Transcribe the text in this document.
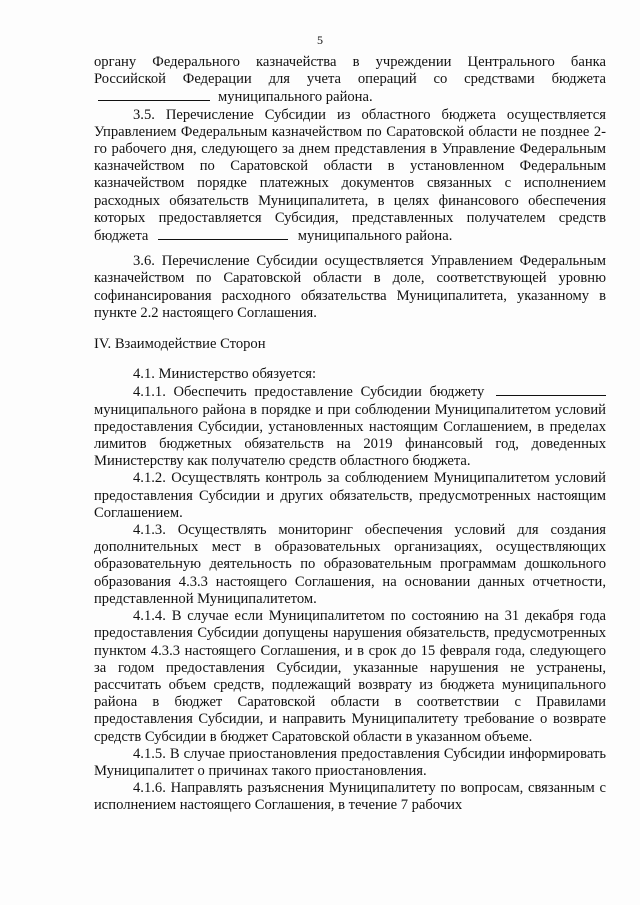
5

органу Федерального казначейства в учреждении Центрального банка Российской Федерации для учета операций со средствами бюджета муниципального района.

3.5. Перечисление Субсидии из областного бюджета осуществляется Управлением Федеральным казначейством по Саратовской области не позднее 2-го рабочего дня, следующего за днем представления в Управление Федеральным казначейством по Саратовской области в установленном Федеральным казначейством порядке платежных документов связанных с исполнением расходных обязательств Муниципалитета, в целях финансового обеспечения которых предоставляется Субсидия, представленных получателем средств бюджета	муниципального района.

3.6. Перечисление Субсидии осуществляется Управлением Федеральным казначейством по Саратовской области в доле, соответствующей уровню софинансирования расходного обязательства Муниципалитета, указанному в пункте 2.2 настоящего Соглашения.

IV. Взаимодействие Сторон

4.1. Министерство обязуется:

4.1.1. Обеспечить предоставление Субсидии бюджету  муниципального района в порядке и при соблюдении Муниципалитетом условий предоставления Субсидии, установленных настоящим Соглашением, в пределах лимитов бюджетных обязательств на 2019 финансовый год, доведенных Министерству как получателю средств областного бюджета.

4.1.2. Осуществлять контроль за соблюдением Муниципалитетом условий предоставления Субсидии и других обязательств, предусмотренных настоящим Соглашением.

4.1.3. Осуществлять мониторинг обеспечения условий для создания дополнительных мест в образовательных организациях, осуществляющих образовательную деятельность по образовательным программам дошкольного образования 4.3.3 настоящего Соглашения, на основании данных отчетности, представленной Муниципалитетом.

4.1.4. В случае если Муниципалитетом по состоянию на 31 декабря года предоставления Субсидии допущены нарушения обязательств, предусмотренных пунктом 4.3.3 настоящего Соглашения, и в срок до 15 февраля года, следующего за годом предоставления Субсидии, указанные нарушения не устранены, рассчитать объем средств, подлежащий возврату из бюджета муниципального района в бюджет Саратовской области в соответствии с Правилами предоставления Субсидии, и направить Муниципалитету требование о возврате средств Субсидии в бюджет Саратовской области в указанном объеме.

4.1.5. В случае приостановления предоставления Субсидии информировать Муниципалитет о причинах такого приостановления.

4.1.6. Направлять разъяснения Муниципалитету по вопросам, связанным с исполнением настоящего Соглашения, в течение 7 рабочих
